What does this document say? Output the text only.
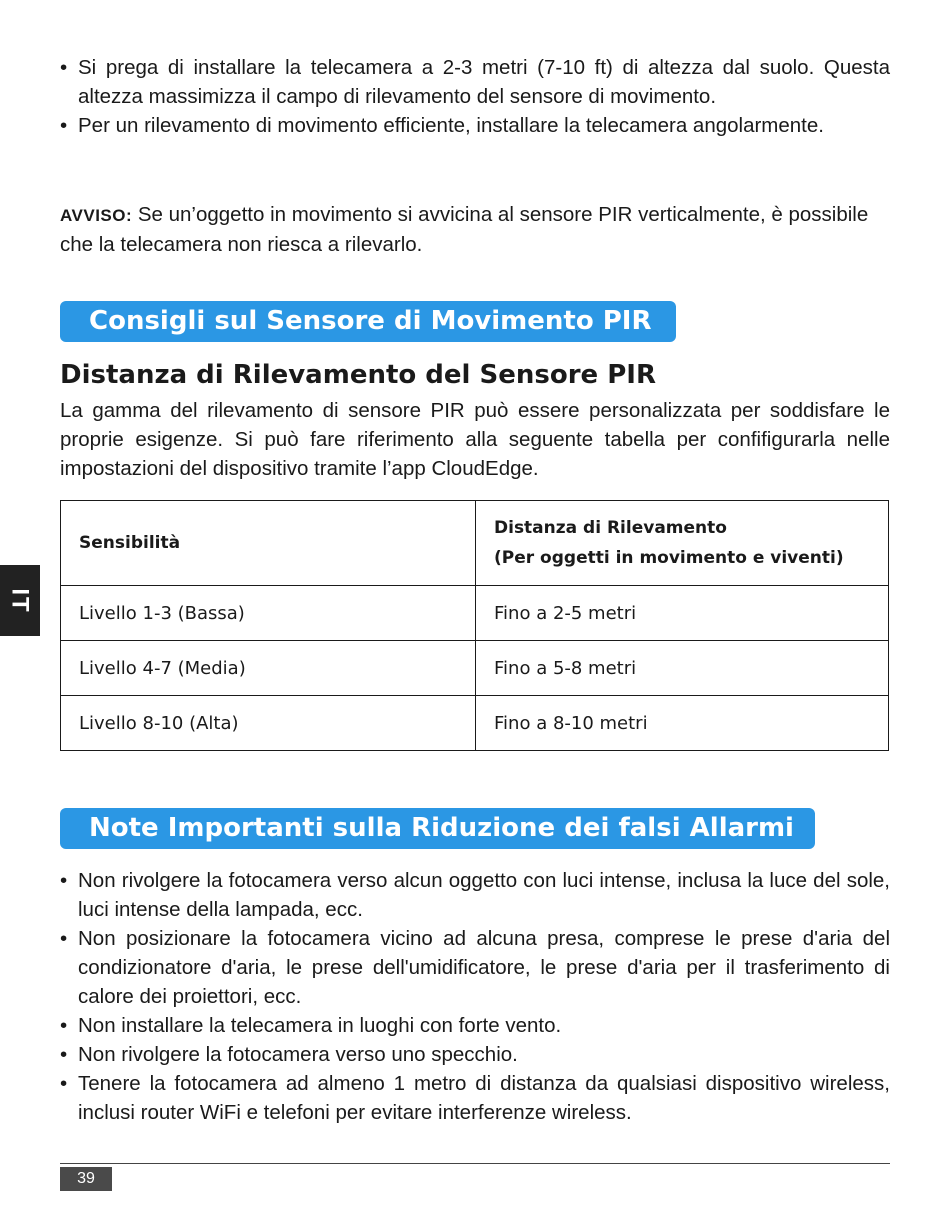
• Si prega di installare la telecamera a 2-3 metri (7-10 ft) di altezza dal suolo. Questa altezza massimizza il campo di rilevamento del sensore di movimento.
• Per un rilevamento di movimento efficiente, installare la telecamera angolarmente.
AVVISO: Se un’oggetto in movimento si avvicina al sensore PIR verticalmente, è possibile che la telecamera non riesca a rilevarlo.
Consigli sul Sensore di Movimento PIR
Distanza di Rilevamento del Sensore PIR
La gamma del rilevamento di sensore PIR può essere personalizzata per soddisfare le proprie esigenze. Si può fare riferimento alla seguente tabella per confifigurarla nelle impostazioni del dispositivo tramite l’app CloudEdge.
Sensibilità	Distanza di Rilevamento
(Per oggetti in movimento e viventi)

Livello 1-3 (Bassa)	Fino a 2-5 metri
Livello 4-7 (Media)	Fino a 5-8 metri
Livello 8-10 (Alta)	Fino a 8-10 metri
IT
Note Importanti sulla Riduzione dei falsi Allarmi
• Non rivolgere la fotocamera verso alcun oggetto con luci intense, inclusa la luce del sole, luci intense della lampada, ecc.
• Non posizionare la fotocamera vicino ad alcuna presa, comprese le prese d'aria del condizionatore d'aria, le prese dell'umidificatore, le prese d'aria per il trasferimento di calore dei proiettori, ecc.
• Non installare la telecamera in luoghi con forte vento.
• Non rivolgere la fotocamera verso uno specchio.
• Tenere la fotocamera ad almeno 1 metro di distanza da qualsiasi dispositivo wireless, inclusi router WiFi e telefoni per evitare interferenze wireless.
39
